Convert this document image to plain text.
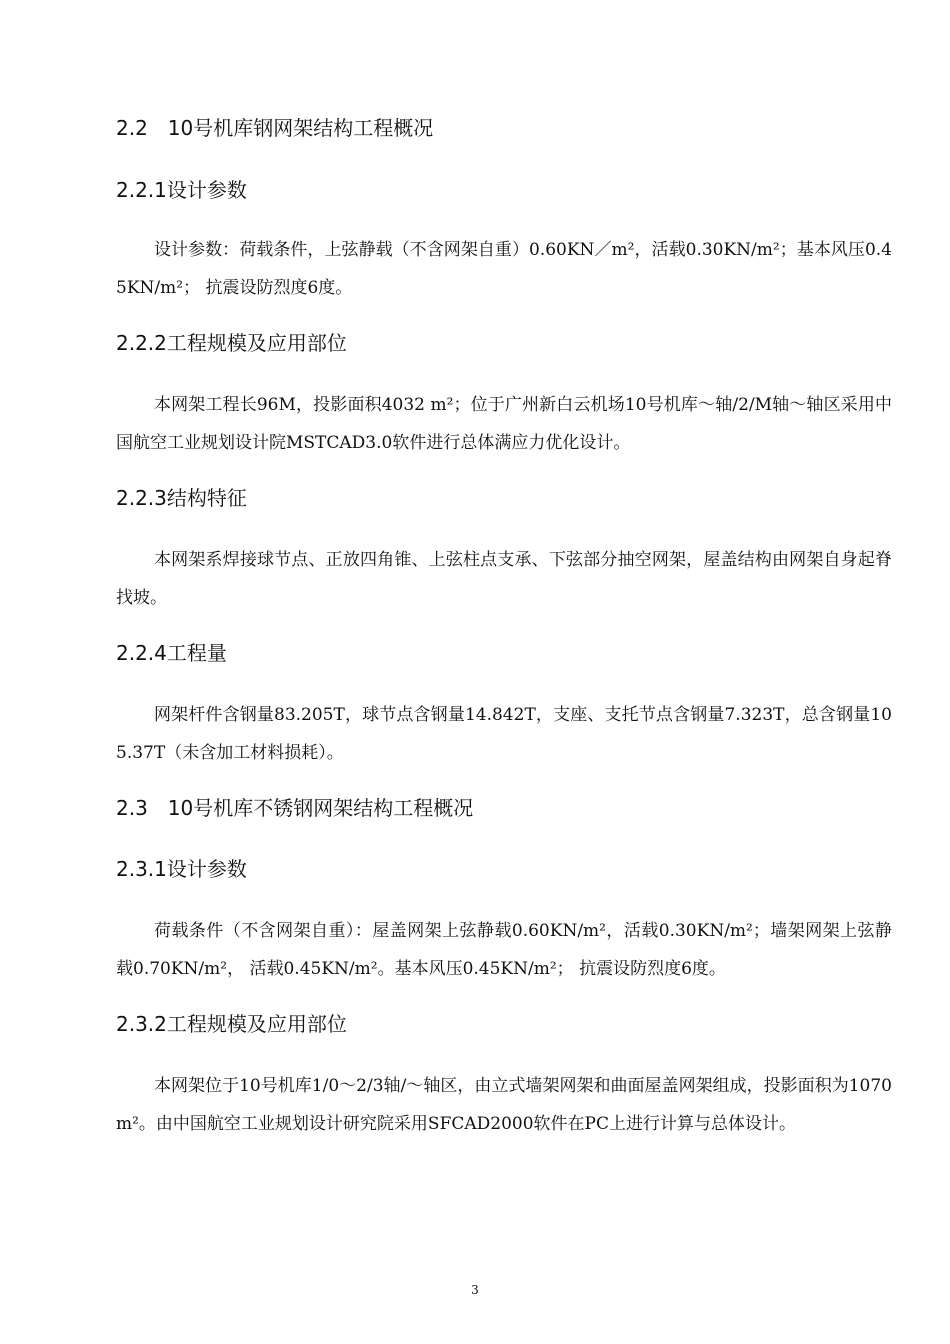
2.2　10号机库钢网架结构工程概况
2.2.1设计参数
设计参数：荷载条件，上弦静载（不含网架自重）0.60KN／m²，活载0.30KN/m²；基本风压0.45KN/m²； 抗震设防烈度6度。
2.2.2工程规模及应用部位
本网架工程长96M，投影面积4032 m²；位于广州新白云机场10号机库～轴/2/M轴～轴区采用中国航空工业规划设计院MSTCAD3.0软件进行总体满应力优化设计。
2.2.3结构特征
本网架系焊接球节点、正放四角锥、上弦柱点支承、下弦部分抽空网架，屋盖结构由网架自身起脊找坡。
2.2.4工程量
网架杆件含钢量83.205T，球节点含钢量14.842T，支座、支托节点含钢量7.323T，总含钢量105.37T（未含加工材料损耗）。
2.3　10号机库不锈钢网架结构工程概况
2.3.1设计参数
荷载条件（不含网架自重）：屋盖网架上弦静载0.60KN/m²，活载0.30KN/m²；墙架网架上弦静载0.70KN/m²， 活载0.45KN/m²。基本风压0.45KN/m²； 抗震设防烈度6度。
2.3.2工程规模及应用部位
本网架位于10号机库1/0～2/3轴/～轴区，由立式墙架网架和曲面屋盖网架组成，投影面积为1070 m²。由中国航空工业规划设计研究院采用SFCAD2000软件在PC上进行计算与总体设计。
3
